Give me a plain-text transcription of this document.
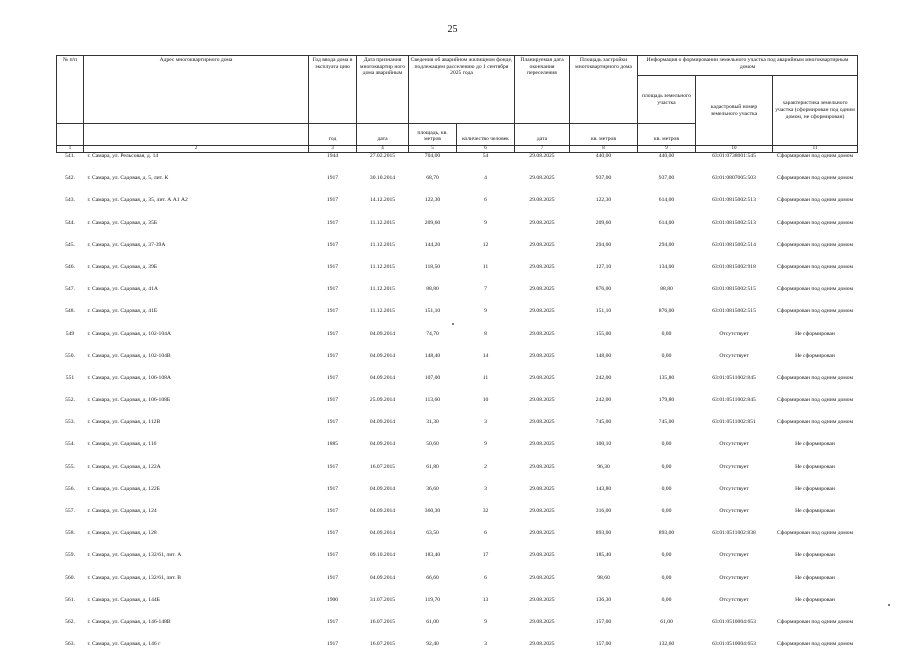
25
№ п/п	Адрес многоквартирного дома	Год ввода дома в эксплуата цию	Дата признания многоквартир ного дома аварийным	Сведения об аварийном жилищном фонде, подлежащем расселению до 1 сентября 2025 года		Планируемая дата окончания переселения	Площадь застройки многоквартирного дома	Информация о формировании земельного участка под аварийным многоквартирным домом		
								площадь земельного участка	кадастровый номер земельного участка	характеристика земельного участка (сформирован под одним домом, не сформирован)
		год	дата	площадь, кв. метров	количество человек	дата	кв. метров	кв. метров		
1	2	3	4	5	6	7	8	9	10	11
541.	г. Самара, ул. Рельсовая, д. 14	1944	27.02.2015	704,00	54	29.08.2025	440,00	440,00	63:01:0738001:545	Сформирован под одним домом
542.	г. Самара, ул. Садовая, д. 5, лит. К	1917	30.10.2014	68,70	4	29.08.2025	937,00	937,00	63:01:0807005:503	Сформирован под одним домом
543.	г. Самара, ул. Садовая, д. 35, лит. А А1 А2	1917	14.12.2015	122,30	6	29.08.2025	122,30	614,00	63:01:0815002:513	Сформирован под одним домом
544.	г. Самара, ул. Садовая, д. 35Б	1917	11.12.2015	209,60	9	29.08.2025	209,60	614,00	63:01:0815002:513	Сформирован под одним домом
545.	г. Самара, ул. Садовая, д. 37-39А	1917	11.12.2015	144,20	12	29.08.2025	294,00	294,00	63:01:0815002:514	Сформирован под одним домом
546.	г. Самара, ул. Садовая, д. 39Б	1917	11.12.2015	118,50	11	29.08.2025	127,10	134,00	63:01:0815002:918	Сформирован под одним домом
547.	г. Самара, ул. Садовая, д. 41А	1917	11.12.2015	88,80	7	29.08.2025	876,00	88,80	63:01:0815002:515	Сформирован под одним домом
548.	г. Самара, ул. Садовая, д. 41Е	1917	11.12.2015	151,10	9	29.08.2025	151,10	876,00	63:01:0815002:515	Сформирован под одним домом
549	г. Самара, ул. Садовая, д. 102-104А	1917	04.09.2014	74,70	8	29.08.2025	155,00	0,00	Отсутствует	Не сформирован
550.	г. Самара, ул. Садовая, д. 102-104В	1917	04.09.2014	148,40	14	29.08.2025	148,00	0,00	Отсутствует	Не сформирован
551	г. Самара, ул. Садовая, д. 106-108А	1917	04.09.2014	107,00	11	29.08.2025	242,00	135,80	63:01:0511002:845	Сформирован под одним домом
552.	г. Самара, ул. Садовая, д. 106-108Б	1917	25.09.2014	113,60	10	29.08.2025	242,00	179,80	63:01:0511002:845	Сформирован под одним домом
553.	г. Самара, ул. Садовая, д. 112В	1917	04.09.2014	31,30	3	29.08.2025	745,00	745,00	63:01:0511002:851	Сформирован под одним домом
554.	г. Самара, ул. Садовая, д. 116	1885	04.09.2014	50,60	9	29.08.2025	100,10	0,00	Отсутствует	Не сформирован
555.	г. Самара, ул. Садовая, д. 122А	1917	16.07.2015	61,80	2	29.08.2025	96,30	0,00	Отсутствует	Не сформирован
556.	г. Самара, ул. Садовая, д. 122Б	1917	04.09.2014	36,60	3	29.08.2025	143,80	0,00	Отсутствует	Не сформирован
557.	г. Самара, ул. Садовая, д. 124	1917	04.09.2014	360,30	32	29.08.2025	316,00	0,00	Отсутствует	Не сформирован
558.	г. Самара, ул. Садовая, д. 128	1917	04.09.2014	63,50	6	29.08.2025	893,00	893,00	63:01:0511002:838	Сформирован под одним домом
559.	г. Самара, ул. Садовая, д. 132/61, лит. А	1917	09.10.2014	183,40	17	29.08.2025	185,40	0,00	Отсутствует	Не сформирован
560.	г. Самара, ул. Садовая, д. 132/61, лит. В	1917	04.09.2014	66,60	6	29.08.2025	98,60	0,00	Отсутствует	Не сформирован
561.	г. Самара, ул. Садовая, д. 144Б	1900	31.07.2015	119,70	13	29.08.2025	136,30	0,00	Отсутствует	Не сформирован
562.	г. Самара, ул. Садовая, д. 146-148В	1917	16.07.2015	61,00	9	29.08.2025	157,00	61,00	63:01:0510004:653	Сформирован под одним домом
563.	г. Самара, ул. Садовая, д. 146 г	1917	16.07.2015	92,40	3	29.08.2025	157,00	132,60	63:01:0510004:653	Сформирован под одним домом
